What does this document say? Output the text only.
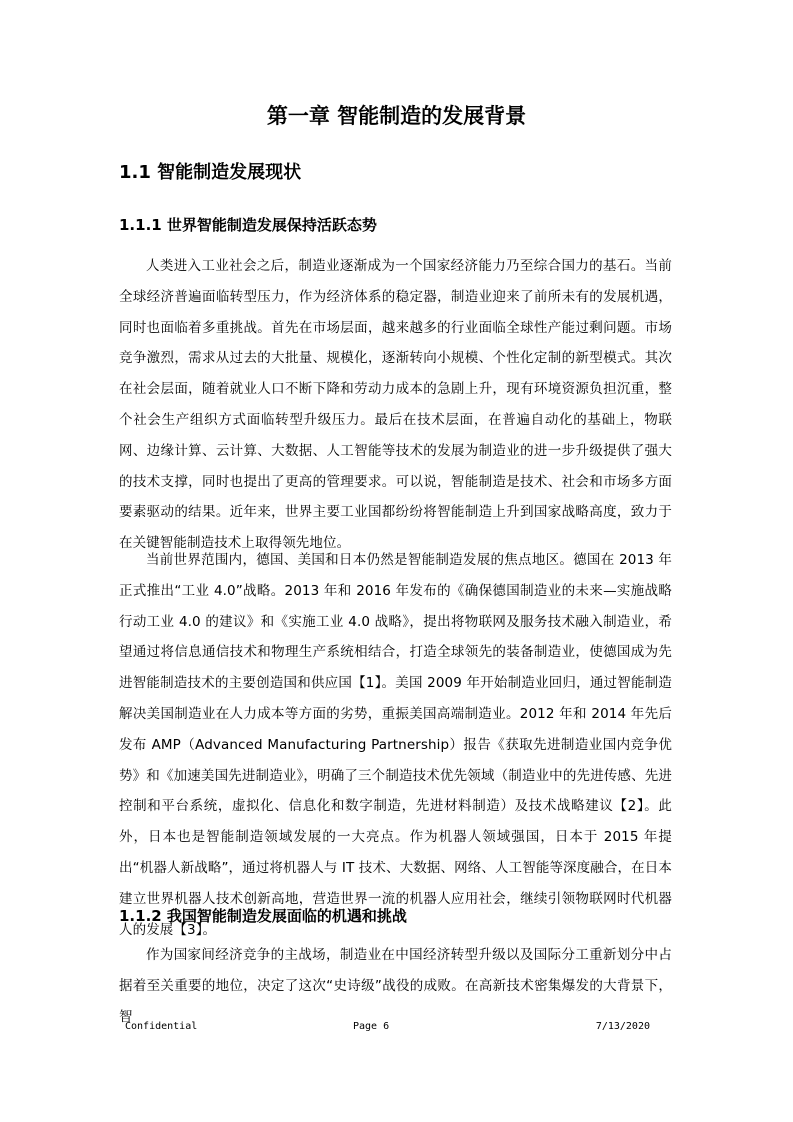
第一章 智能制造的发展背景
1.1 智能制造发展现状
1.1.1 世界智能制造发展保持活跃态势

人类进入工业社会之后，制造业逐渐成为一个国家经济能力乃至综合国力的基石。当前全球经济普遍面临转型压力，作为经济体系的稳定器，制造业迎来了前所未有的发展机遇，同时也面临着多重挑战。首先在市场层面，越来越多的行业面临全球性产能过剩问题。市场竞争激烈，需求从过去的大批量、规模化，逐渐转向小规模、个性化定制的新型模式。其次在社会层面，随着就业人口不断下降和劳动力成本的急剧上升，现有环境资源负担沉重，整个社会生产组织方式面临转型升级压力。最后在技术层面，在普遍自动化的基础上，物联网、边缘计算、云计算、大数据、人工智能等技术的发展为制造业的进一步升级提供了强大的技术支撑，同时也提出了更高的管理要求。可以说，智能制造是技术、社会和市场多方面要素驱动的结果。近年来，世界主要工业国都纷纷将智能制造上升到国家战略高度，致力于在关键智能制造技术上取得领先地位。

当前世界范围内，德国、美国和日本仍然是智能制造发展的焦点地区。德国在 2013 年正式推出“工业 4.0”战略。2013 年和 2016 年发布的《确保德国制造业的未来—实施战略行动工业 4.0 的建议》和《实施工业 4.0 战略》，提出将物联网及服务技术融入制造业，希望通过将信息通信技术和物理生产系统相结合，打造全球领先的装备制造业，使德国成为先进智能制造技术的主要创造国和供应国【1】。美国 2009 年开始制造业回归，通过智能制造解决美国制造业在人力成本等方面的劣势，重振美国高端制造业。2012 年和 2014 年先后发布 AMP（Advanced Manufacturing Partnership）报告《获取先进制造业国内竞争优势》和《加速美国先进制造业》，明确了三个制造技术优先领域（制造业中的先进传感、先进控制和平台系统，虚拟化、信息化和数字制造，先进材料制造）及技术战略建议【2】。此外，日本也是智能制造领域发展的一大亮点。作为机器人领域强国，日本于 2015 年提出“机器人新战略”，通过将机器人与 IT 技术、大数据、网络、人工智能等深度融合，在日本建立世界机器人技术创新高地，营造世界一流的机器人应用社会，继续引领物联网时代机器人的发展【3】。

1.1.2 我国智能制造发展面临的机遇和挑战

作为国家间经济竞争的主战场，制造业在中国经济转型升级以及国际分工重新划分中占据着至关重要的地位，决定了这次“史诗级”战役的成败。在高新技术密集爆发的大背景下，智

Confidential	Page 6	7/13/2020
